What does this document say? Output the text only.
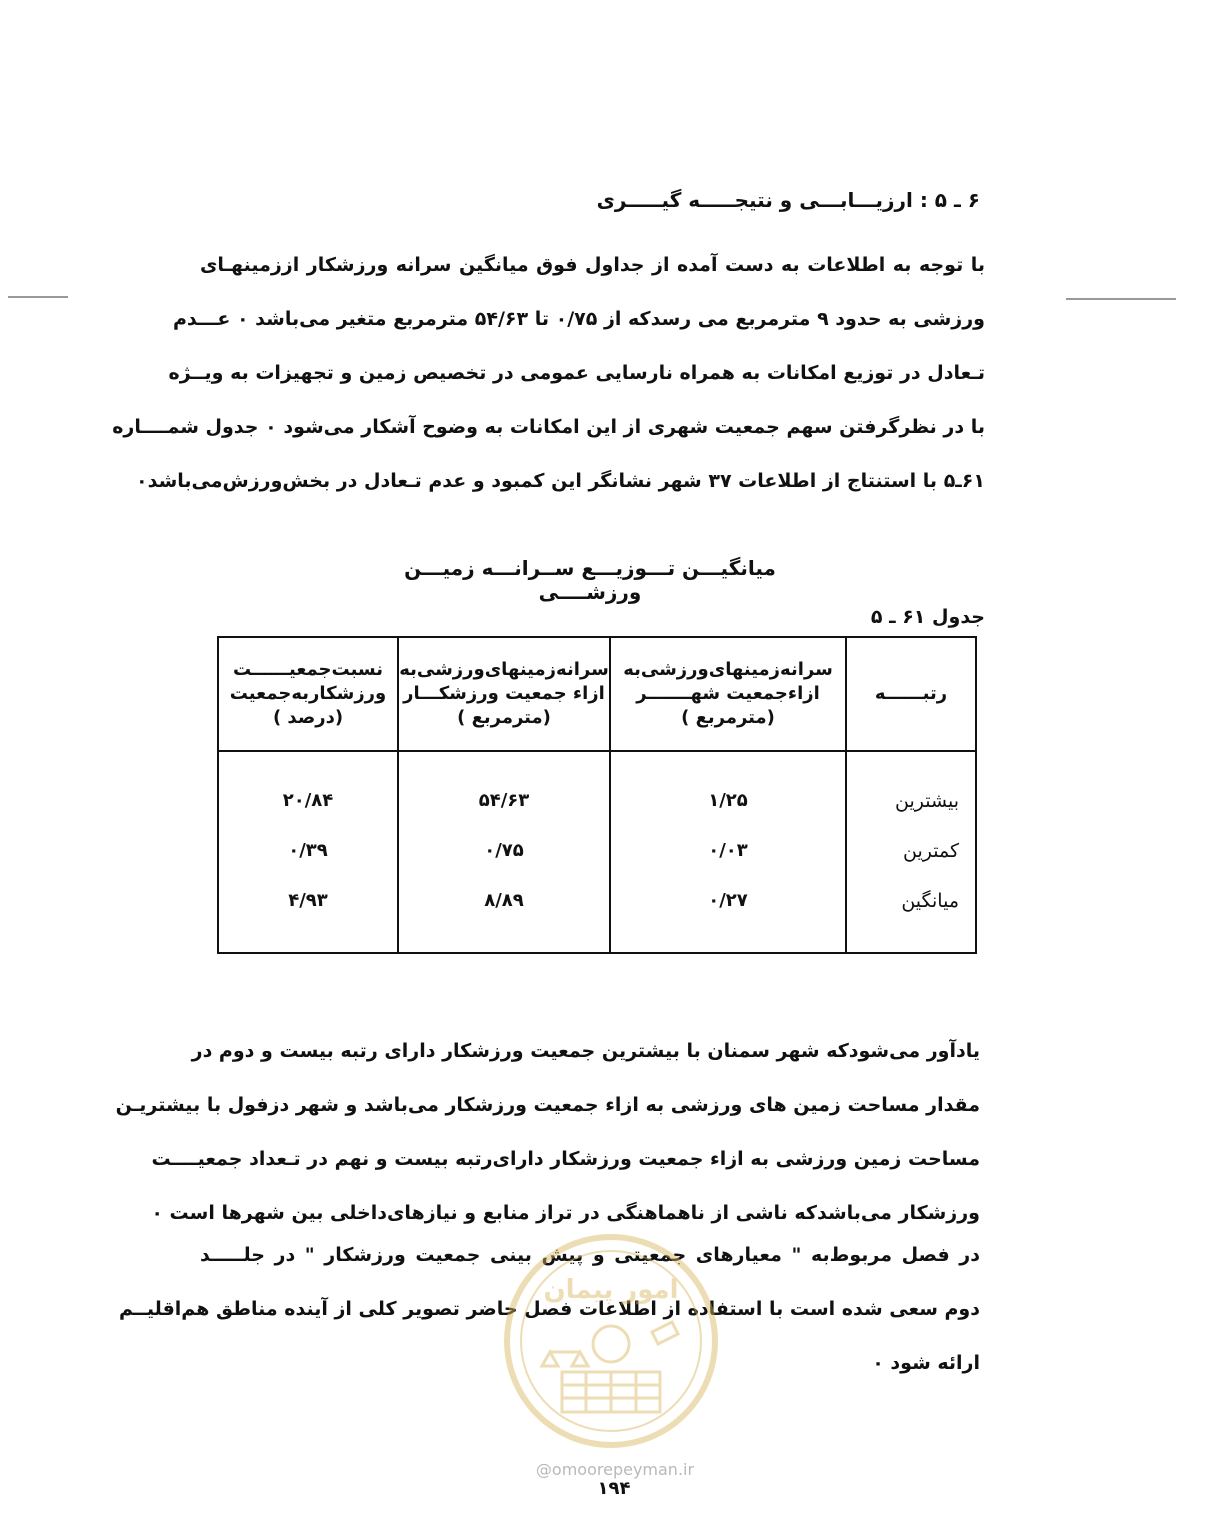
۶ ـ ۵ : ارزیـــابـــی و نتیجـــــه گیـــــری
با توجه به اطلاعات به دست آمده از جداول فوق میانگین سرانه ورزشکار اززمینهـای
ورزشی به حدود ۹ مترمربع می رسدکه از ۰/۷۵ تا ۵۴/۶۳ مترمربع متغیر می‌باشد ۰ عـــدم
تـعادل در توزیع امکانات به همراه نارسایی عمومی در تخصیص زمین و تجهیزات به ویــژه
با در نظرگرفتن سهم جمعیت شهری از این امکانات به وضوح آشکار می‌شود ۰ جدول شمــــاره
۶۱ـ۵ با استنتاج از اطلاعات ۳۷ شهر نشانگر این کمبود و عدم تـعادل در بخش‌ورزش‌می‌باشد۰
میانگیـــن تـــوزیـــع ســرانـــه زمیـــن ورزشــــی
جدول ۶۱ ـ ۵
رتبــــــه
سرانه‌زمینهای‌ورزشی‌به ازاء‌جمعیت شهـــــــر (مترمربع )
سرانه‌زمینهای‌ورزشی‌به ازاء جمعیت ورزشکـــار (مترمربع )
نسبت‌جمعیــــــت ورزشکاربه‌جمعیت (درصد )
بیشترین
۱/۲۵
۵۴/۶۳
۲۰/۸۴
کمترین
۰/۰۳
۰/۷۵
۰/۳۹
میانگین
۰/۲۷
۸/۸۹
۴/۹۳
یادآور می‌شودکه شهر سمنان با بیشترین جمعیت ورزشکار دارای رتبه بیست و دوم در
مقدار مساحت زمین های ورزشی به ازاء جمعیت ورزشکار می‌باشد و شهر دزفول با بیشتریـن
مساحت زمین ورزشی به ازاء جمعیت ورزشکار دارای‌رتبه بیست و نهم در تـعداد جمعیــــت
ورزشکار می‌باشدکه ناشی از ناهماهنگی در تراز منابع و نیازهای‌داخلی بین شهرها است ۰
در فصل مربوط‌به " معیارهای جمعیتی و پیش بینی جمعیت ورزشکار " در جلـــــد
دوم سعی شده است با استفاده از اطلاعات فصل حاضر تصویر کلی از آینده مناطق هم‌اقلیــم
ارائه شود ۰
امور پیمان
@omoorepeyman.ir
۱۹۴
